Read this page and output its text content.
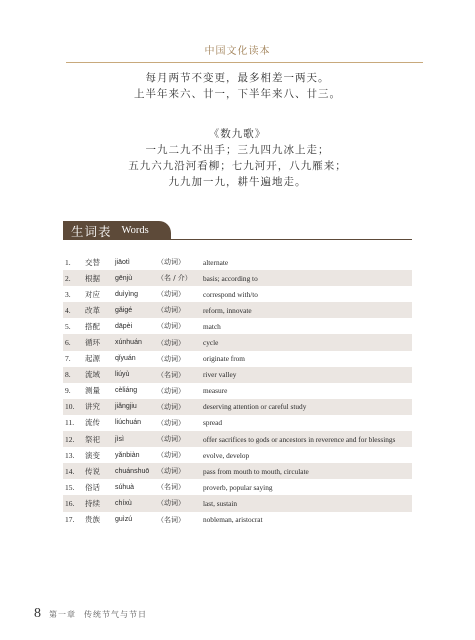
中国文化读本
每月两节不变更，最多相差一两天。
上半年来六、廿一，下半年来八、廿三。
《数九歌》
一九二九不出手；三九四九冰上走；
五九六九沿河看柳；七九河开，八九雁来；
九九加一九，耕牛遍地走。
生词表 Words
1.	交替	jiāotì	（动词）	alternate
2.	根据	gēnjù	（名 / 介）	basis; according to
3.	对应	duìyìng	（动词）	correspond with/to
4.	改革	gǎigé	（动词）	reform, innovate
5.	搭配	dāpèi	（动词）	match
6.	循环	xúnhuán	（动词）	cycle
7.	起源	qǐyuán	（动词）	originate from
8.	流域	liúyù	（名词）	river valley
9.	测量	cèliáng	（动词）	measure
10.	讲究	jiǎngjiu	（动词）	deserving attention or careful study
11.	流传	liúchuán	（动词）	spread
12.	祭祀	jìsì	（动词）	offer sacrifices to gods or ancestors in reverence and for blessings
13.	演变	yǎnbiàn	（动词）	evolve, develop
14.	传说	chuánshuō	（动词）	pass from mouth to mouth, circulate
15.	俗话	súhuà	（名词）	proverb, popular saying
16.	持续	chíxù	（动词）	last, sustain
17.	贵族	guìzú	（名词）	nobleman, aristocrat
8 第一章 传统节气与节日
